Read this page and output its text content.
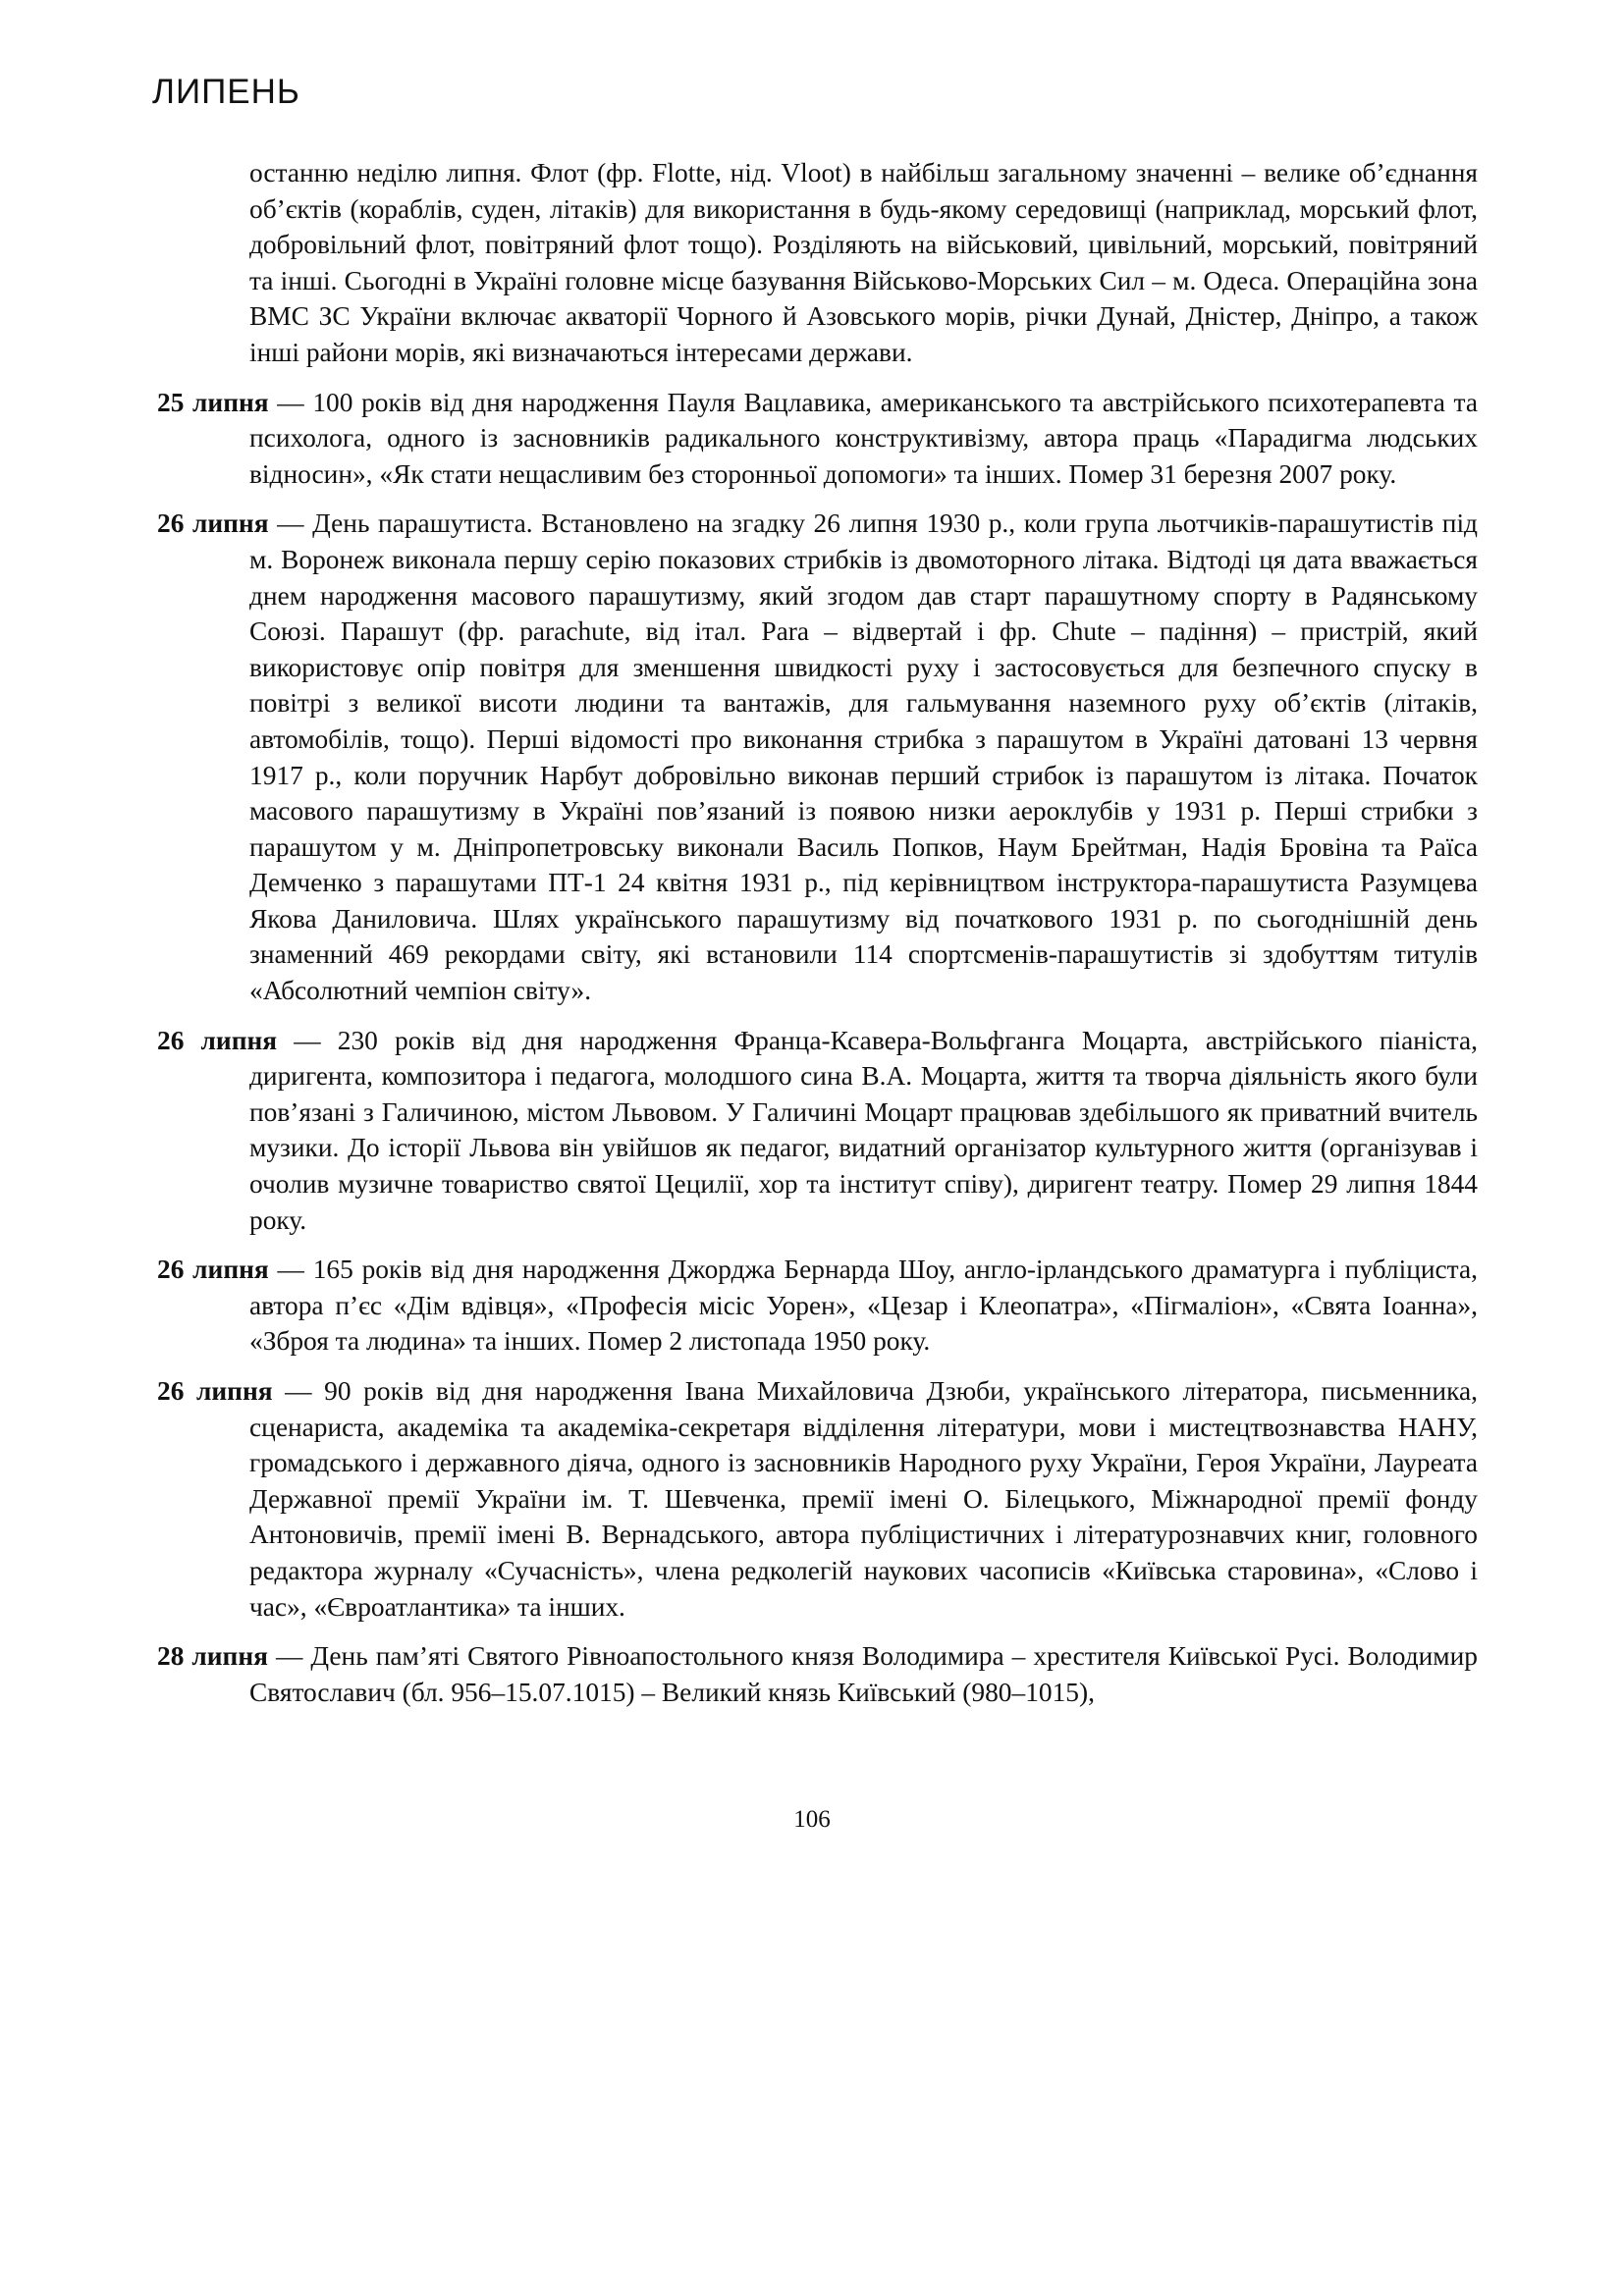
ЛИПЕНЬ

останню неділю липня. Флот (фр. Flotte, нід. Vloot) в найбільш загальному значенні – велике об’єднання об’єктів (кораблів, суден, літаків) для використання в будь-якому середовищі (наприклад, морський флот, добровільний флот, повітряний флот тощо). Розділяють на військовий, цивільний, морський, повітряний та інші. Сьогодні в Україні головне місце базування Військово-Морських Сил – м. Одеса. Операційна зона ВМС ЗС України включає акваторії Чорного й Азовського морів, річки Дунай, Дністер, Дніпро, а також інші райони морів, які визначаються інтересами держави.

25 липня — 100 років від дня народження Пауля Вацлавика, американського та австрійського психотерапевта та психолога, одного із засновників радикального конструктивізму, автора праць «Парадигма людських відносин», «Як стати нещасливим без сторонньої допомоги» та інших. Помер 31 березня 2007 року.

26 липня — День парашутиста. Встановлено на згадку 26 липня 1930 р., коли група льотчиків-парашутистів під м. Воронеж виконала першу серію показових стрибків із двомоторного літака. Відтоді ця дата вважається днем народження масового парашутизму, який згодом дав старт парашутному спорту в Радянському Союзі. Парашут (фр. parachute, від італ. Para – відвертай і фр. Chute – падіння) – пристрій, який використовує опір повітря для зменшення швидкості руху і застосовується для безпечного спуску в повітрі з великої висоти людини та вантажів, для гальмування наземного руху об’єктів (літаків, автомобілів, тощо). Перші відомості про виконання стрибка з парашутом в Україні датовані 13 червня 1917 р., коли поручник Нарбут добровільно виконав перший стрибок із парашутом із літака. Початок масового парашутизму в Україні пов’язаний із появою низки аероклубів у 1931 р. Перші стрибки з парашутом у м. Дніпропетровську виконали Василь Попков, Наум Брейтман, Надія Бровіна та Раїса Демченко з парашутами ПТ-1 24 квітня 1931 р., під керівництвом інструктора-парашутиста Разумцева Якова Даниловича. Шлях українського парашутизму від початкового 1931 р. по сьогоднішній день знаменний 469 рекордами світу, які встановили 114 спортсменів-парашутистів зі здобуттям титулів «Абсолютний чемпіон світу».

26 липня — 230 років від дня народження Франца-Ксавера-Вольфганга Моцарта, австрійського піаніста, диригента, композитора і педагога, молодшого сина В.А. Моцарта, життя та творча діяльність якого були пов’язані з Галичиною, містом Львовом. У Галичині Моцарт працював здебільшого як приватний вчитель музики. До історії Львова він увійшов як педагог, видатний організатор культурного життя (організував і очолив музичне товариство святої Цецилії, хор та інститут співу), диригент театру. Помер 29 липня 1844 року.

26 липня — 165 років від дня народження Джорджа Бернарда Шоу, англо-ірландського драматурга і публіциста, автора п’єс «Дім вдівця», «Професія місіс Уорен», «Цезар і Клеопатра», «Пігмаліон», «Свята Іоанна», «Зброя та людина» та інших. Помер 2 листопада 1950 року.

26 липня — 90 років від дня народження Івана Михайловича Дзюби, українського літератора, письменника, сценариста, академіка та академіка-секретаря відділення літератури, мови і мистецтвознавства НАНУ, громадського і державного діяча, одного із засновників Народного руху України, Героя України, Лауреата Державної премії України ім. Т. Шевченка, премії імені О. Білецького, Міжнародної премії фонду Антоновичів, премії імені В. Вернадського, автора публіцистичних і літературознавчих книг, головного редактора журналу «Сучасність», члена редколегій наукових часописів «Київська старовина», «Слово і час», «Євроатлантика» та інших.

28 липня — День пам’яті Святого Рівноапостольного князя Володимира – хрестителя Київської Русі. Володимир Святославич (бл. 956–15.07.1015) – Великий князь Київський (980–1015),

106
